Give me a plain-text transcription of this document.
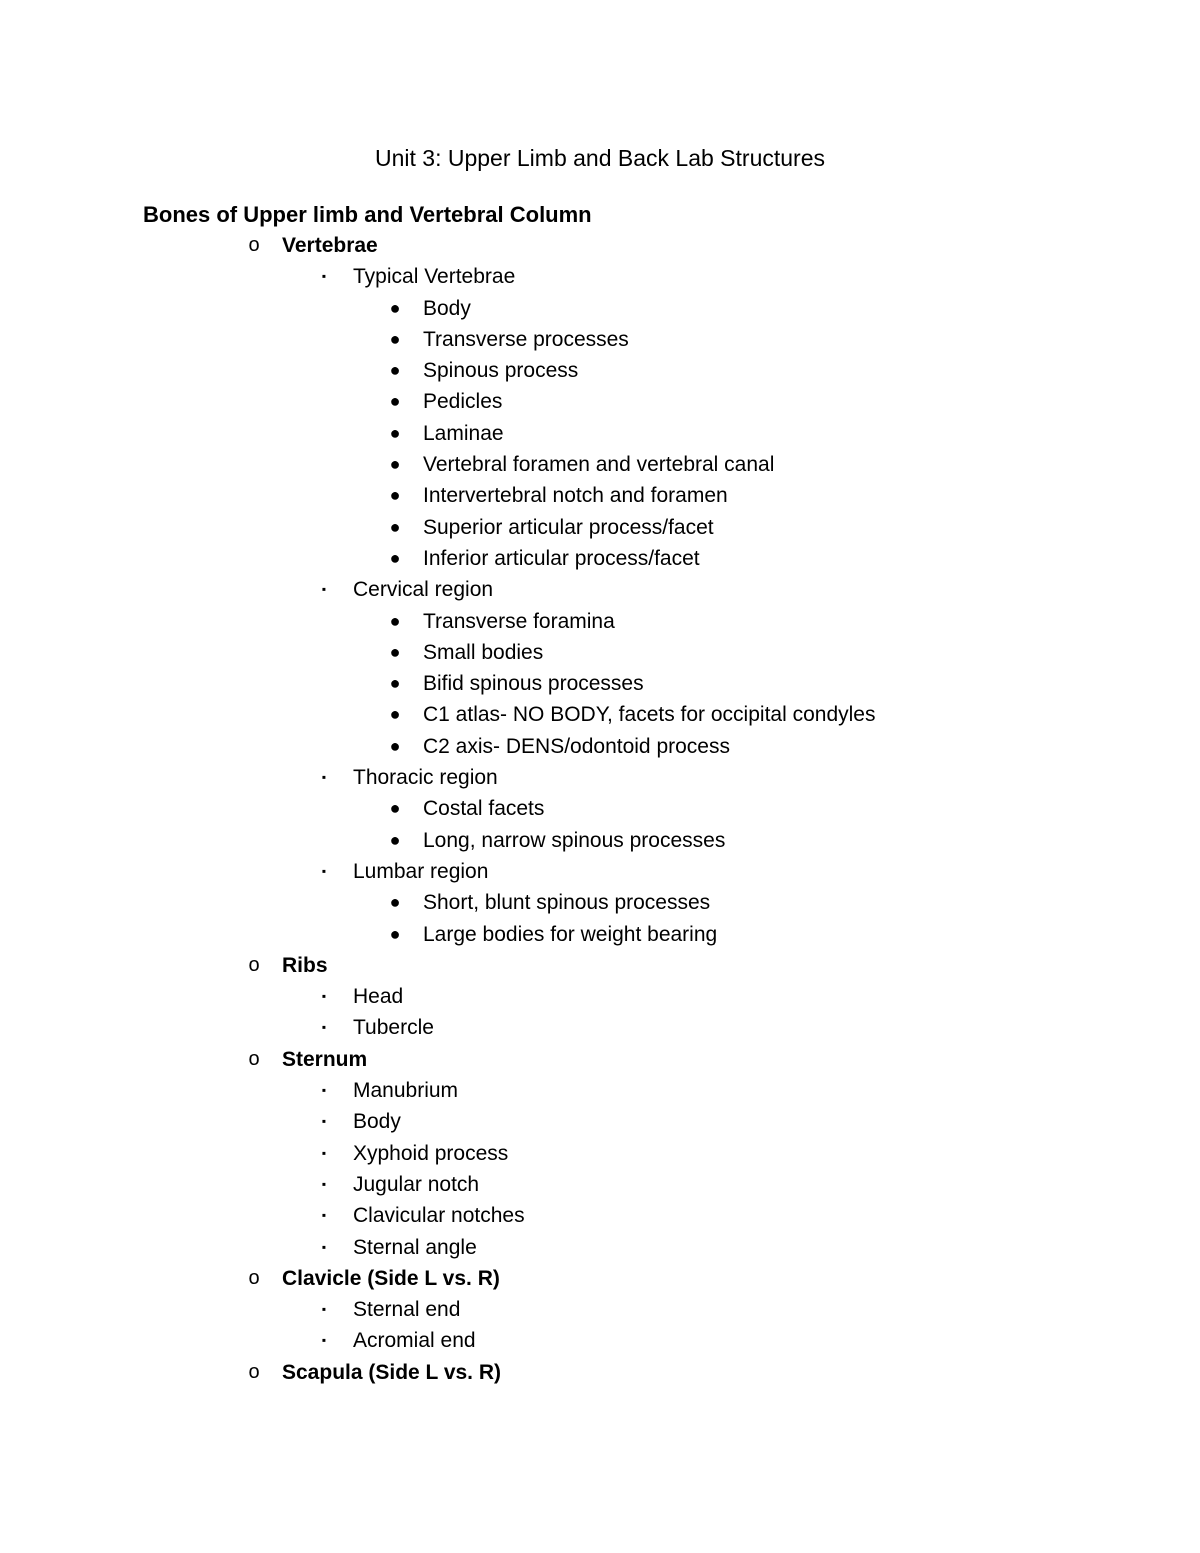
Unit 3: Upper Limb and Back Lab Structures
Bones of Upper limb and Vertebral Column
o Vertebrae
▪	Typical Vertebrae
● Body
● Transverse processes
● Spinous process
● Pedicles
● Laminae
● Vertebral foramen and vertebral canal
● Intervertebral notch and foramen
● Superior articular process/facet
● Inferior articular process/facet
▪	Cervical region
● Transverse foramina
● Small bodies
● Bifid spinous processes
● C1 atlas- NO BODY, facets for occipital condyles
● C2 axis- DENS/odontoid process
▪	Thoracic region
● Costal facets
● Long, narrow spinous processes
▪	Lumbar region
● Short, blunt spinous processes
● Large bodies for weight bearing
o Ribs
▪	Head
▪	Tubercle
o Sternum
▪	Manubrium
▪	Body
▪	Xyphoid process
▪	Jugular notch
▪	Clavicular notches
▪	Sternal angle
o Clavicle (Side L vs. R)
▪	Sternal end
▪	Acromial end
o Scapula (Side L vs. R)
